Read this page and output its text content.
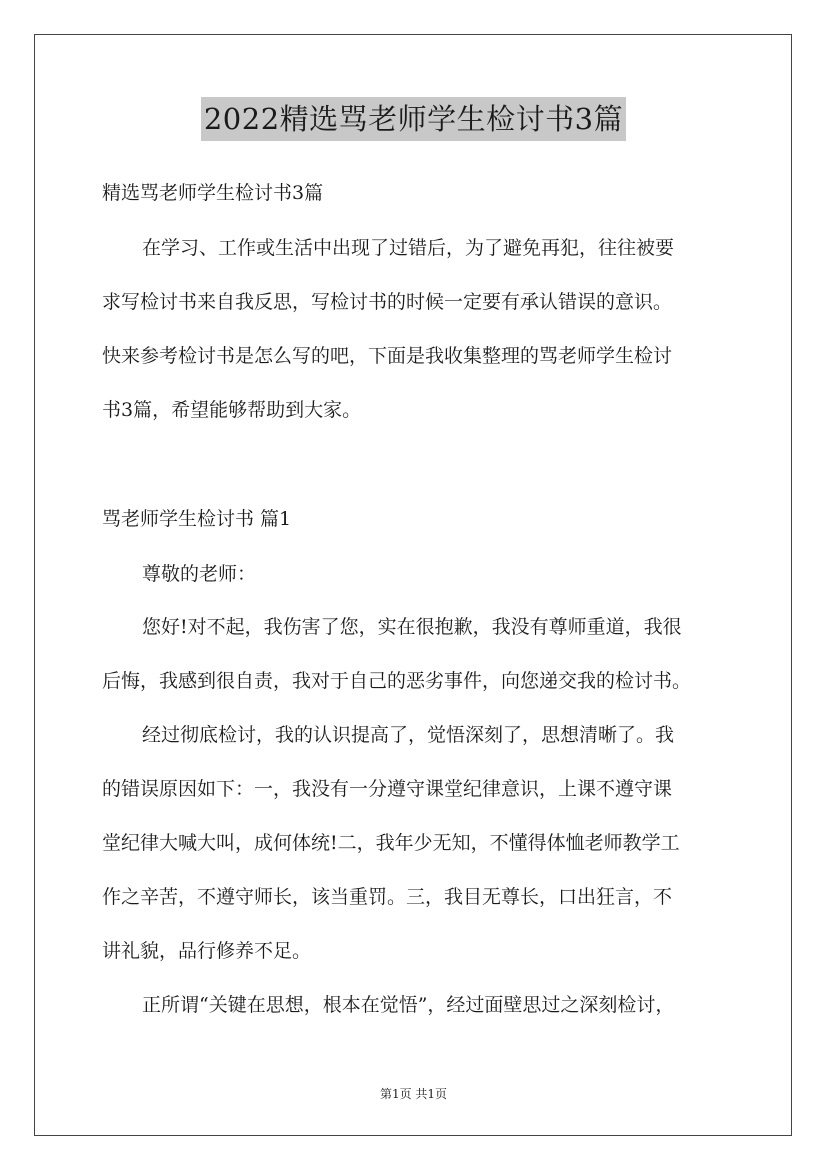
2022精选骂老师学生检讨书3篇
精选骂老师学生检讨书3篇
在学习、工作或生活中出现了过错后，为了避免再犯，往往被要
求写检讨书来自我反思，写检讨书的时候一定要有承认错误的意识。
快来参考检讨书是怎么写的吧，下面是我收集整理的骂老师学生检讨
书3篇，希望能够帮助到大家。
骂老师学生检讨书 篇1
尊敬的老师：
您好!对不起，我伤害了您，实在很抱歉，我没有尊师重道，我很
后悔，我感到很自责，我对于自己的恶劣事件，向您递交我的检讨书。
经过彻底检讨，我的认识提高了，觉悟深刻了，思想清晰了。我
的错误原因如下：一，我没有一分遵守课堂纪律意识，上课不遵守课
堂纪律大喊大叫，成何体统!二，我年少无知，不懂得体恤老师教学工
作之辛苦，不遵守师长，该当重罚。三，我目无尊长，口出狂言，不
讲礼貌，品行修养不足。
正所谓“关键在思想，根本在觉悟”，经过面壁思过之深刻检讨，
第1页 共1页
